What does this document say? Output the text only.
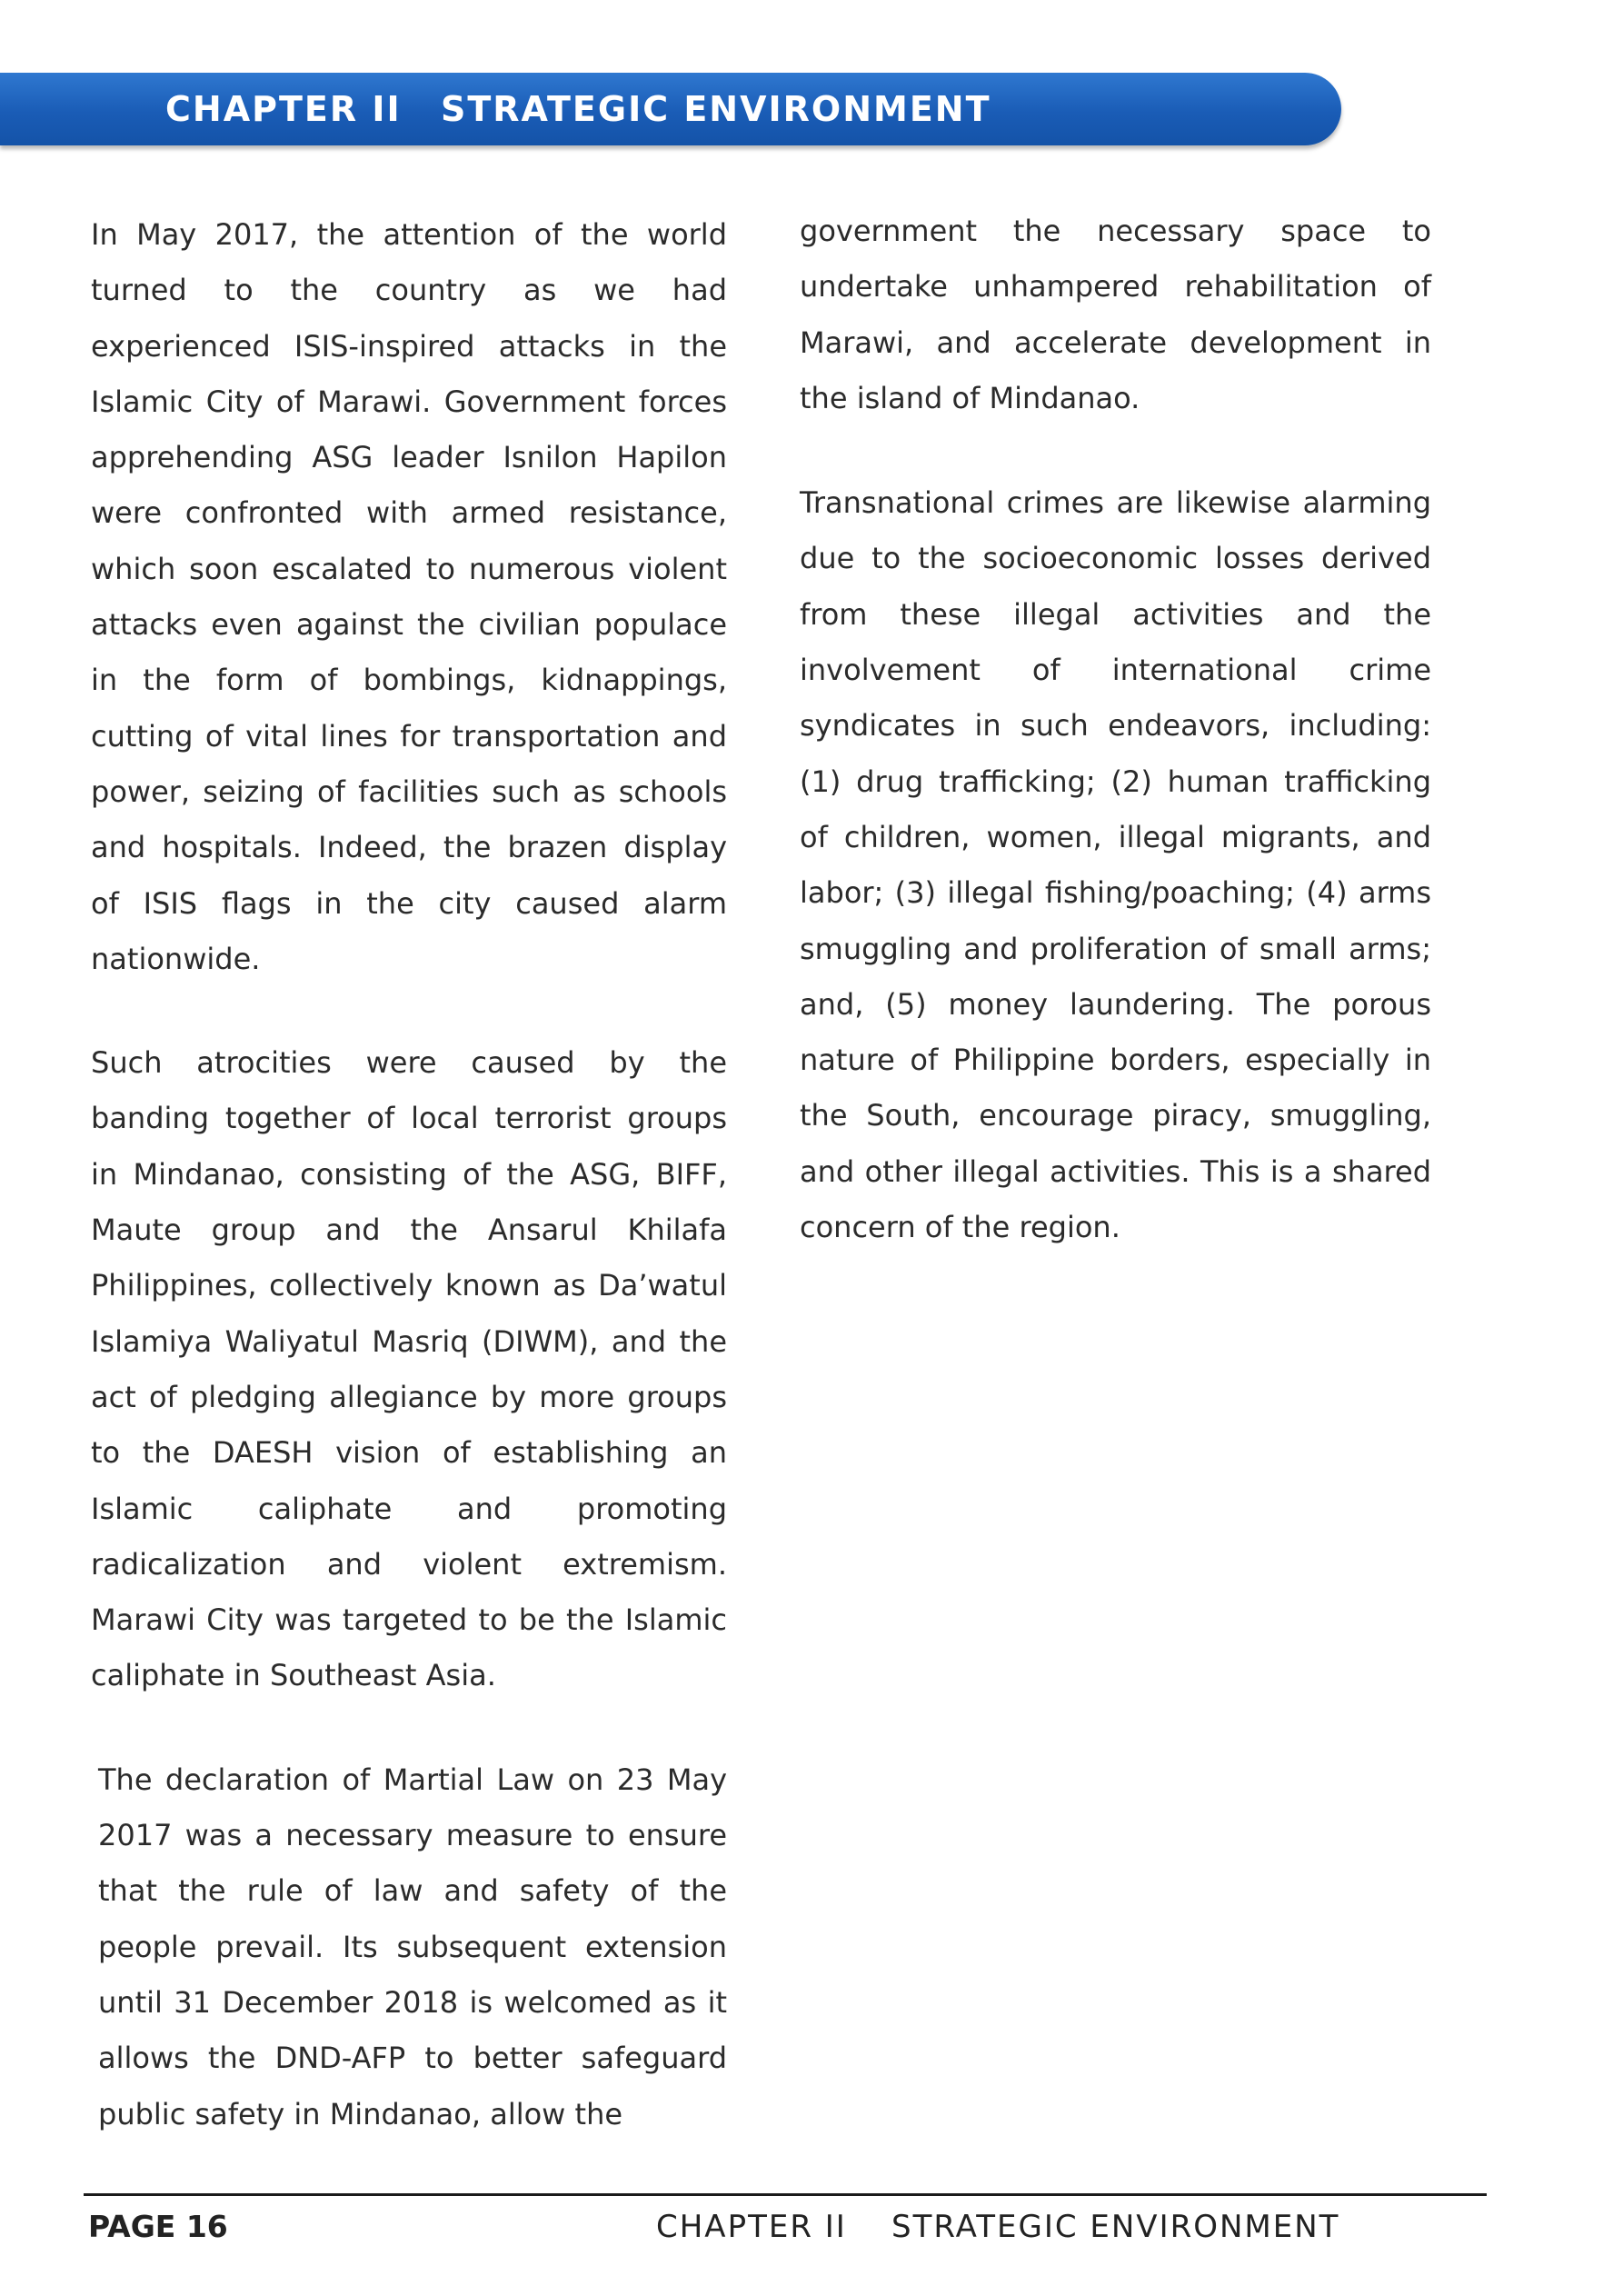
CHAPTER II STRATEGIC ENVIRONMENT

In May 2017, the attention of the world turned to the country as we had experienced ISIS-inspired attacks in the Islamic City of Marawi. Government forces apprehending ASG leader Isnilon Hapilon were confronted with armed resistance, which soon escalated to numerous violent attacks even against the civilian populace in the form of bombings, kidnappings, cutting of vital lines for transportation and power, seizing of facilities such as schools and hospitals. Indeed, the brazen display of ISIS flags in the city caused alarm nationwide.

Such atrocities were caused by the banding together of local terrorist groups in Mindanao, consisting of the ASG, BIFF, Maute group and the Ansarul Khilafa Philippines, collectively known as Da’watul Islamiya Waliyatul Masriq (DIWM), and the act of pledging allegiance by more groups to the DAESH vision of establishing an Islamic caliphate and promoting radicalization and violent extremism. Marawi City was targeted to be the Islamic caliphate in Southeast Asia.

The declaration of Martial Law on 23 May 2017 was a necessary measure to ensure that the rule of law and safety of the people prevail. Its subsequent extension until 31 December 2018 is welcomed as it allows the DND-AFP to better safeguard public safety in Mindanao, allow the

government the necessary space to undertake unhampered rehabilitation of Marawi, and accelerate development in the island of Mindanao.

Transnational crimes are likewise alarming due to the socioeconomic losses derived from these illegal activities and the involvement of international crime syndicates in such endeavors, including: (1) drug trafficking; (2) human trafficking of children, women, illegal migrants, and labor; (3) illegal fishing/poaching; (4) arms smuggling and proliferation of small arms; and, (5) money laundering. The porous nature of Philippine borders, especially in the South, encourage piracy, smuggling, and other illegal activities. This is a shared concern of the region.

PAGE 16	CHAPTER II STRATEGIC ENVIRONMENT
